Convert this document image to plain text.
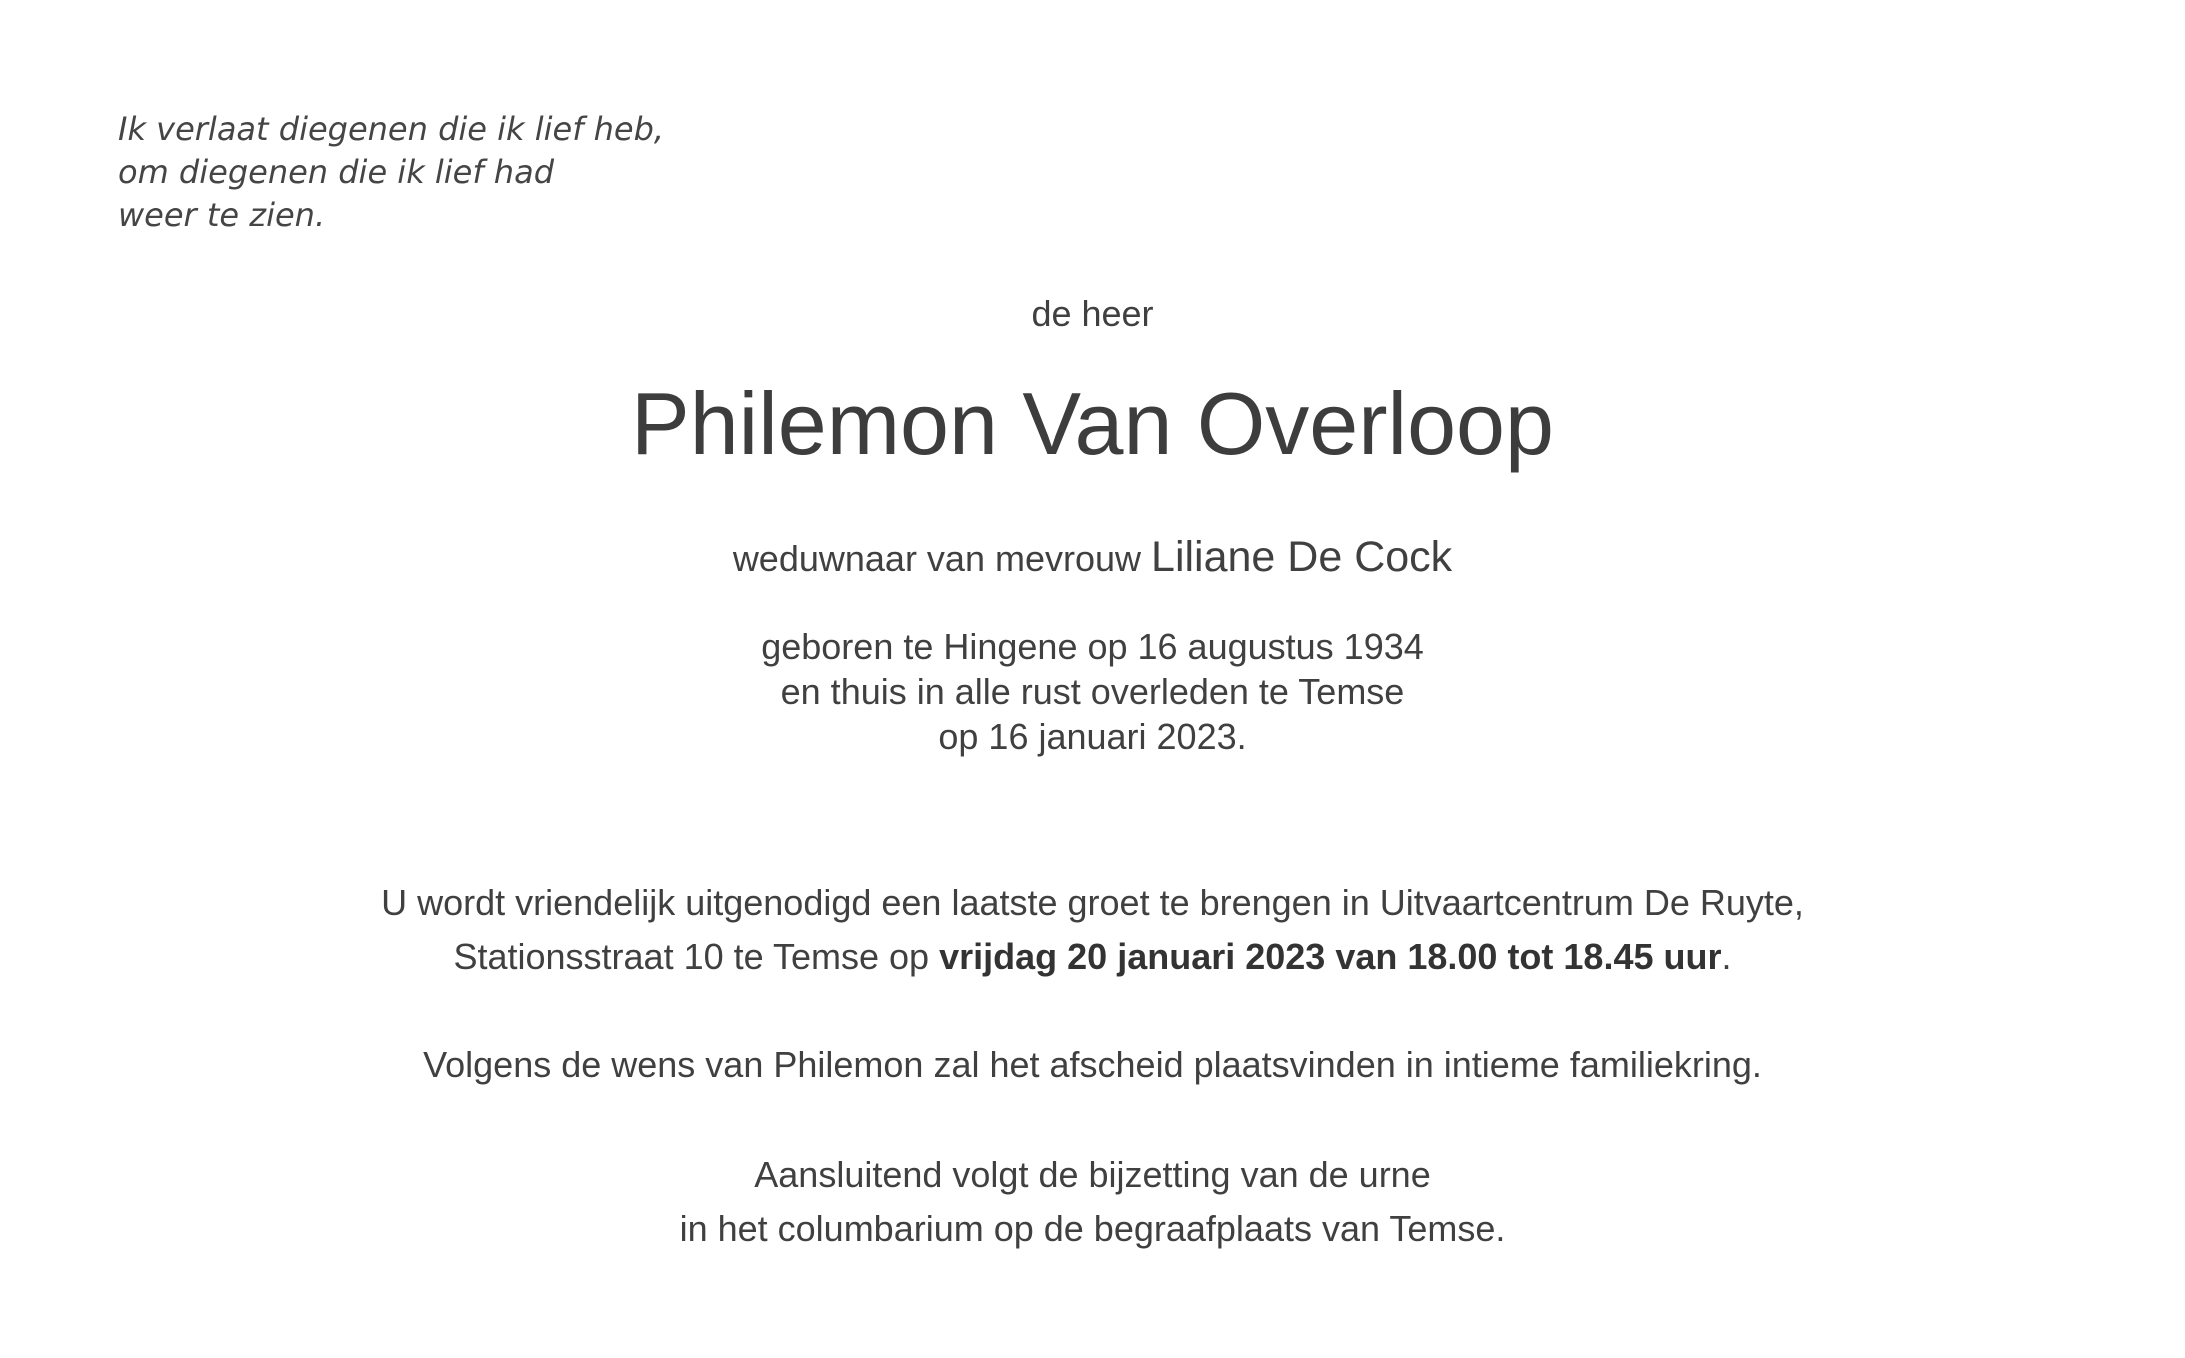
Ik verlaat diegenen die ik lief heb,
om diegenen die ik lief had
weer te zien.
de heer
Philemon Van Overloop
weduwnaar van mevrouw Liliane De Cock
geboren te Hingene op 16 augustus 1934
en thuis in alle rust overleden te Temse
op 16 januari 2023.
U wordt vriendelijk uitgenodigd een laatste groet te brengen in Uitvaartcentrum De Ruyte,
Stationsstraat 10 te Temse op vrijdag 20 januari 2023 van 18.00 tot 18.45 uur.
Volgens de wens van Philemon zal het afscheid plaatsvinden in intieme familiekring.
Aansluitend volgt de bijzetting van de urne
in het columbarium op de begraafplaats van Temse.
